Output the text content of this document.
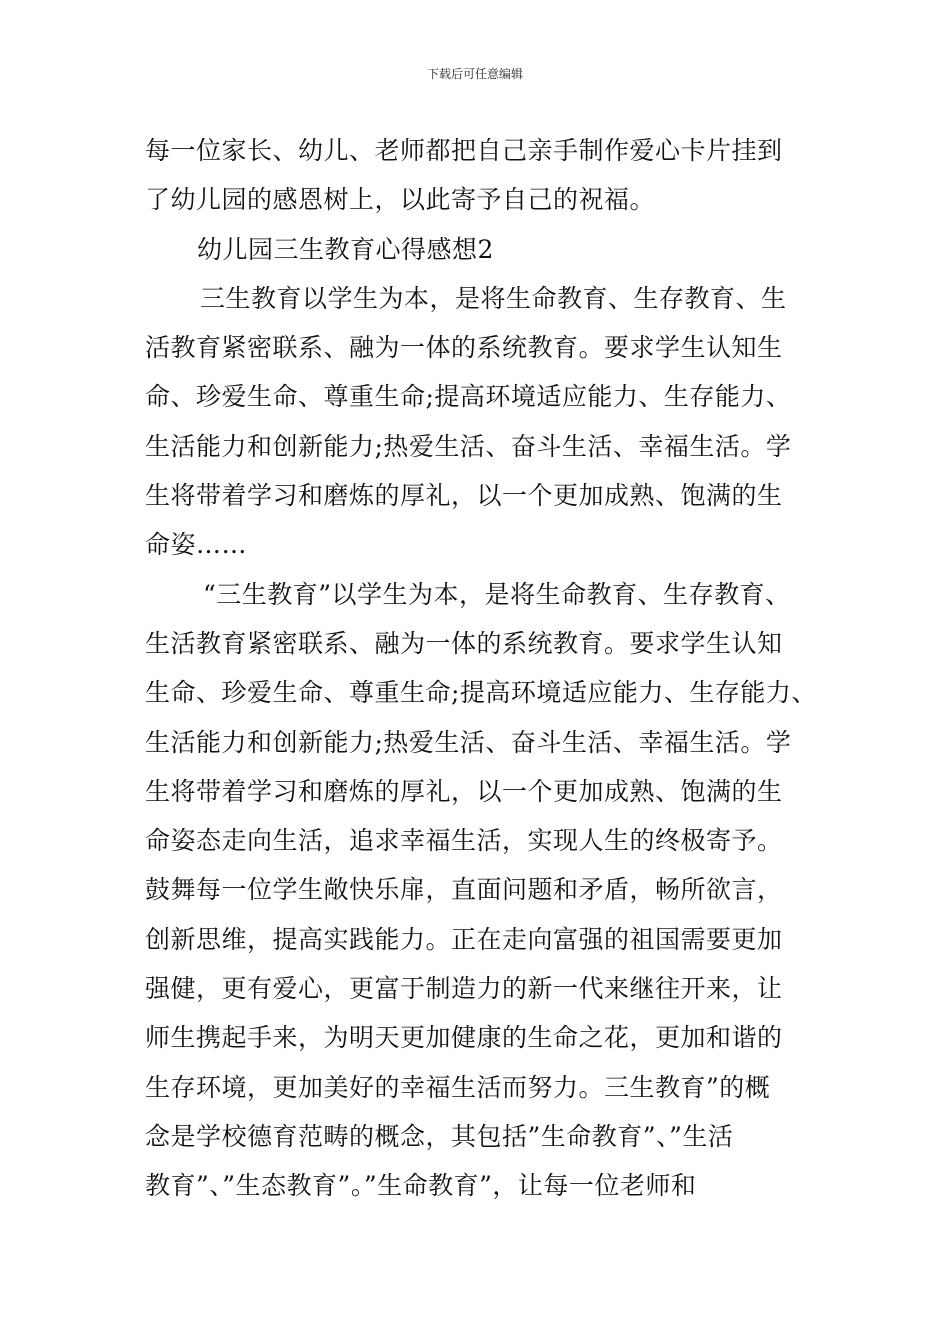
下载后可任意编辑
每一位家长、幼儿、老师都把自己亲手制作爱心卡片挂到
了幼儿园的感恩树上，以此寄予自己的祝福。
幼儿园三生教育心得感想2
三生教育以学生为本，是将生命教育、生存教育、生
活教育紧密联系、融为一体的系统教育。要求学生认知生
命、珍爱生命、尊重生命;提高环境适应能力、生存能力、
生活能力和创新能力;热爱生活、奋斗生活、幸福生活。学
生将带着学习和磨炼的厚礼，以一个更加成熟、饱满的生
命姿……
“三生教育”以学生为本，是将生命教育、生存教育、
生活教育紧密联系、融为一体的系统教育。要求学生认知
生命、珍爱生命、尊重生命;提高环境适应能力、生存能力、
生活能力和创新能力;热爱生活、奋斗生活、幸福生活。学
生将带着学习和磨炼的厚礼，以一个更加成熟、饱满的生
命姿态走向生活，追求幸福生活，实现人生的终极寄予。
鼓舞每一位学生敞快乐扉，直面问题和矛盾，畅所欲言，
创新思维，提高实践能力。正在走向富强的祖国需要更加
强健，更有爱心，更富于制造力的新一代来继往开来，让
师生携起手来，为明天更加健康的生命之花，更加和谐的
生存环境，更加美好的幸福生活而努力。三生教育”的概
念是学校德育范畴的概念，其包括”生命教育”、”生活
教育”、”生态教育”。”生命教育”，让每一位老师和
